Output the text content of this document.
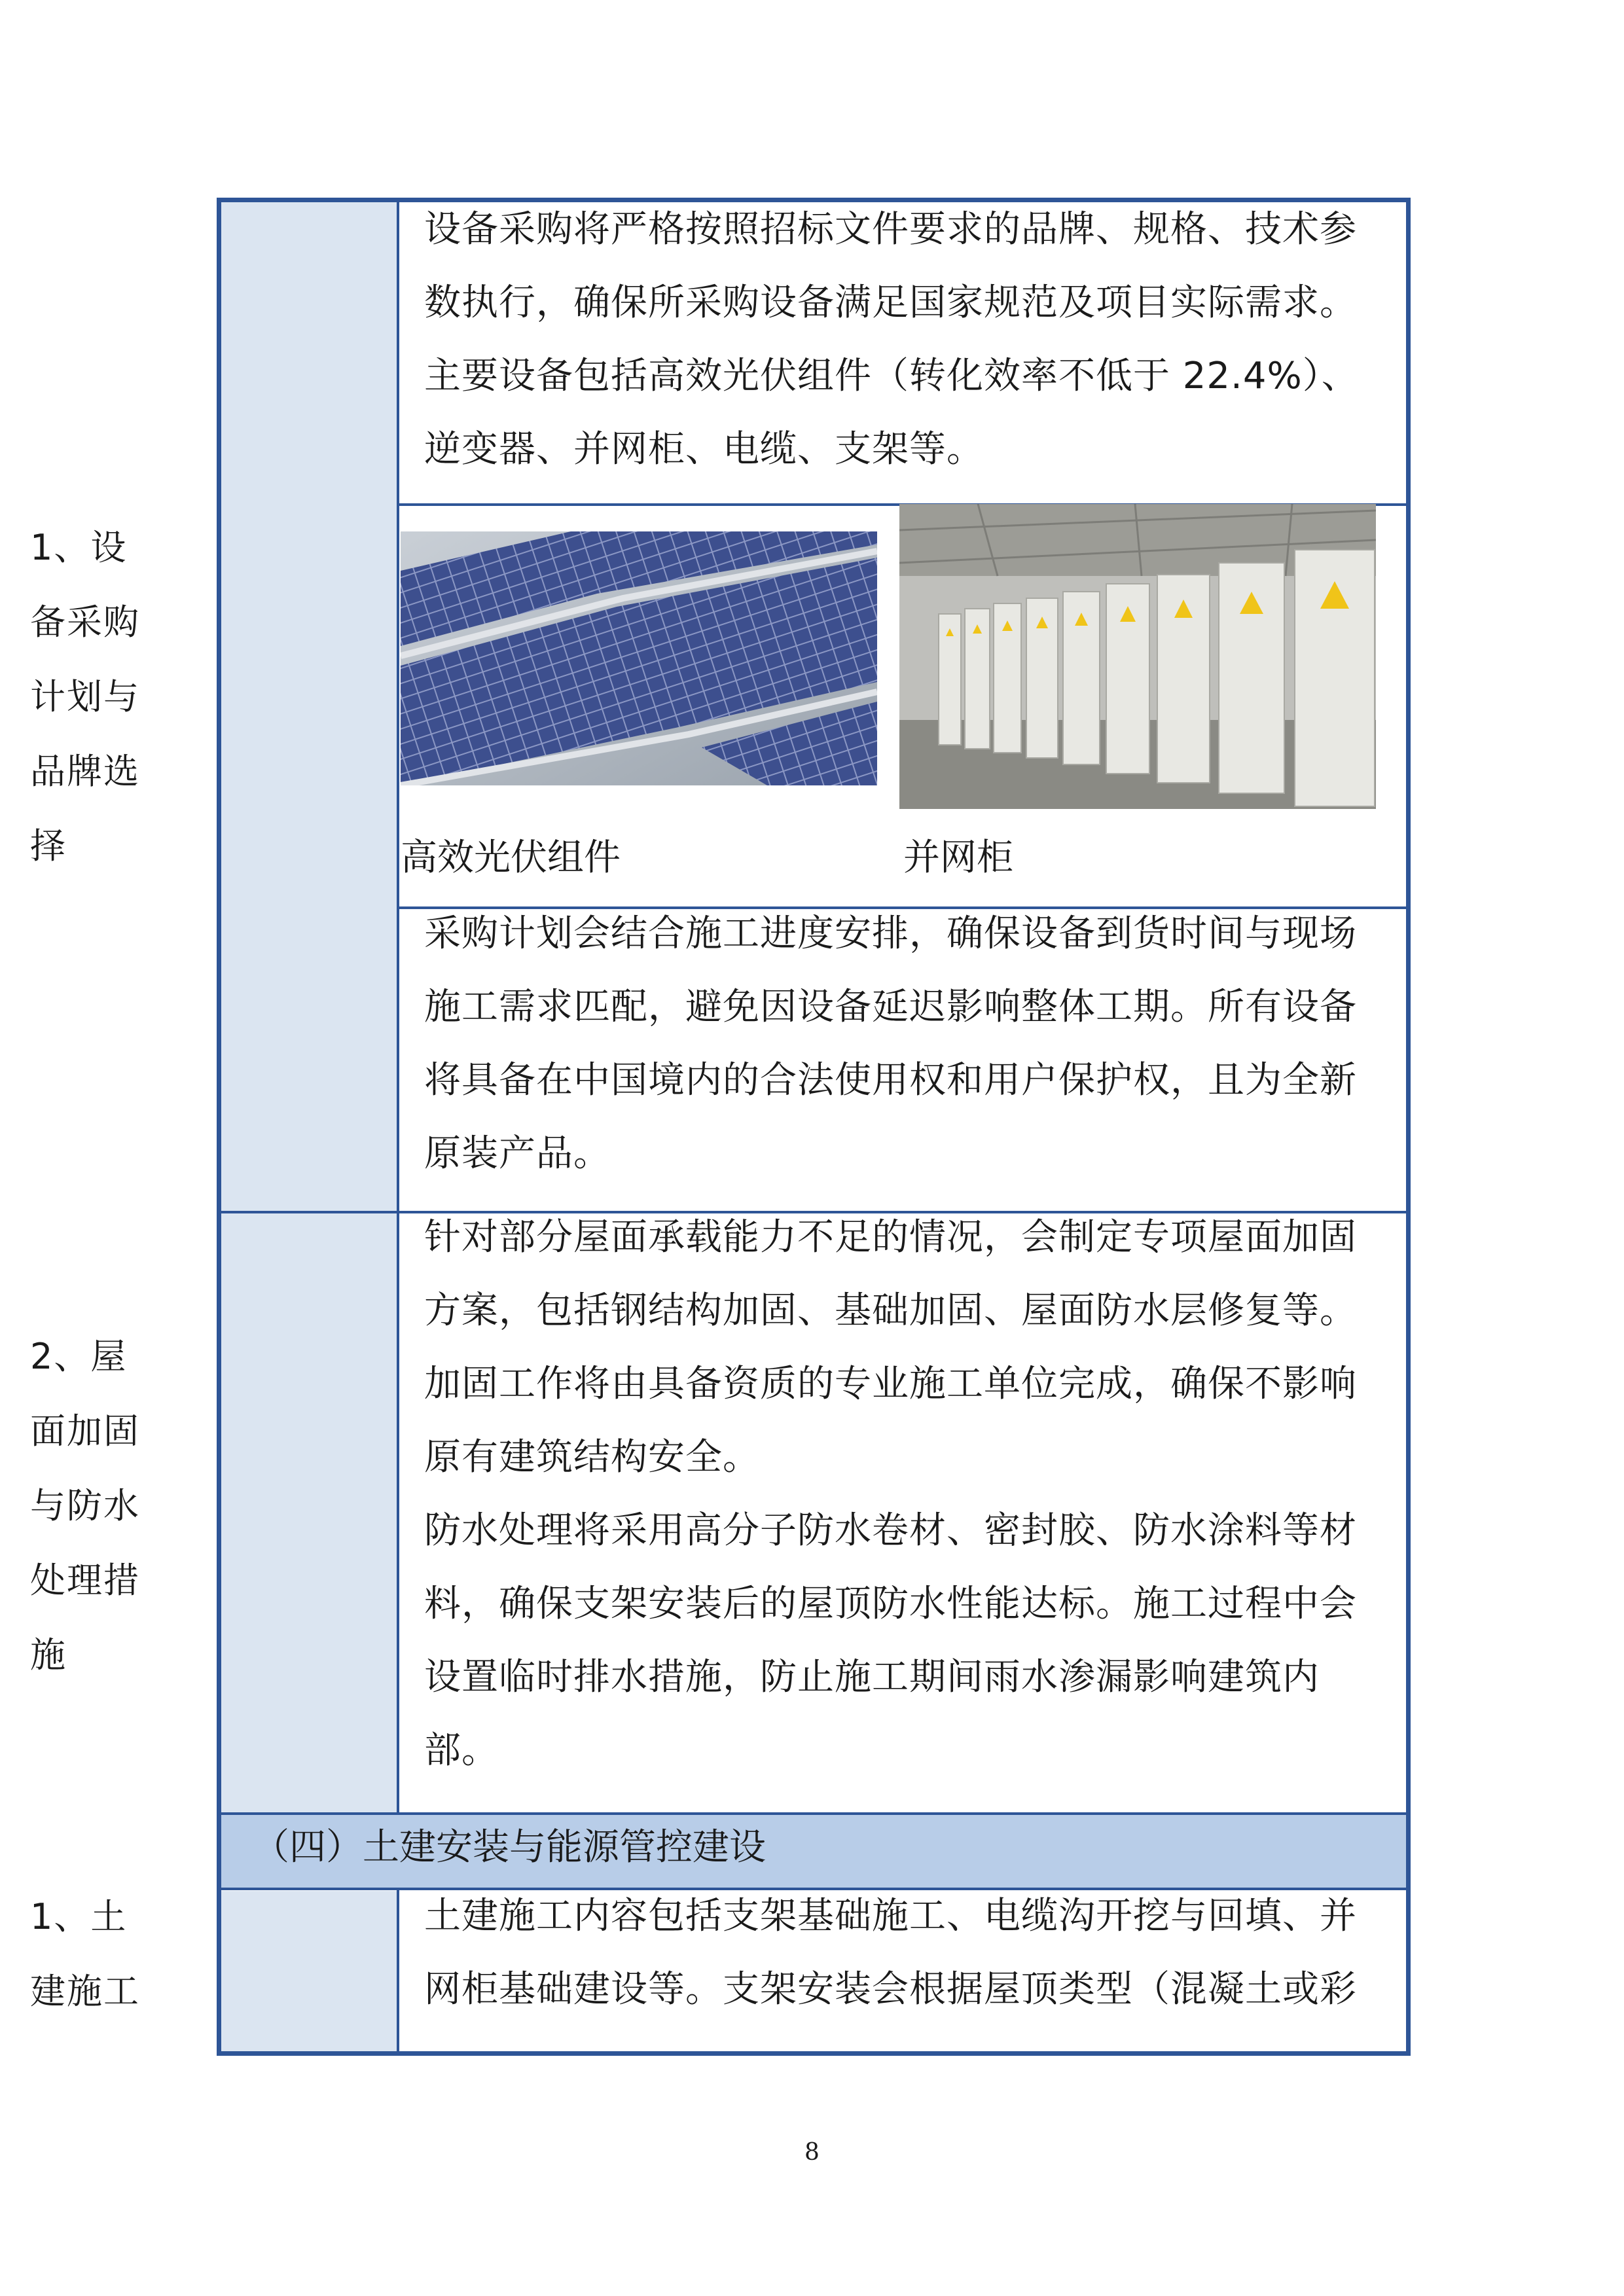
1、设
备采购
计划与
品牌选
择
设备采购将严格按照招标文件要求的品牌、规格、技术参
数执行，确保所采购设备满足国家规范及项目实际需求。
主要设备包括高效光伏组件（转化效率不低于 22.4%）、
逆变器、并网柜、电缆、支架等。
高效光伏组件	并网柜
采购计划会结合施工进度安排，确保设备到货时间与现场
施工需求匹配，避免因设备延迟影响整体工期。所有设备
将具备在中国境内的合法使用权和用户保护权，且为全新
原装产品。
2、屋
面加固
与防水
处理措
施
针对部分屋面承载能力不足的情况，会制定专项屋面加固
方案，包括钢结构加固、基础加固、屋面防水层修复等。
加固工作将由具备资质的专业施工单位完成，确保不影响
原有建筑结构安全。
防水处理将采用高分子防水卷材、密封胶、防水涂料等材
料，确保支架安装后的屋顶防水性能达标。施工过程中会
设置临时排水措施，防止施工期间雨水渗漏影响建筑内
部。
（四）土建安装与能源管控建设
1、土
建施工
土建施工内容包括支架基础施工、电缆沟开挖与回填、并
网柜基础建设等。支架安装会根据屋顶类型（混凝土或彩
8
